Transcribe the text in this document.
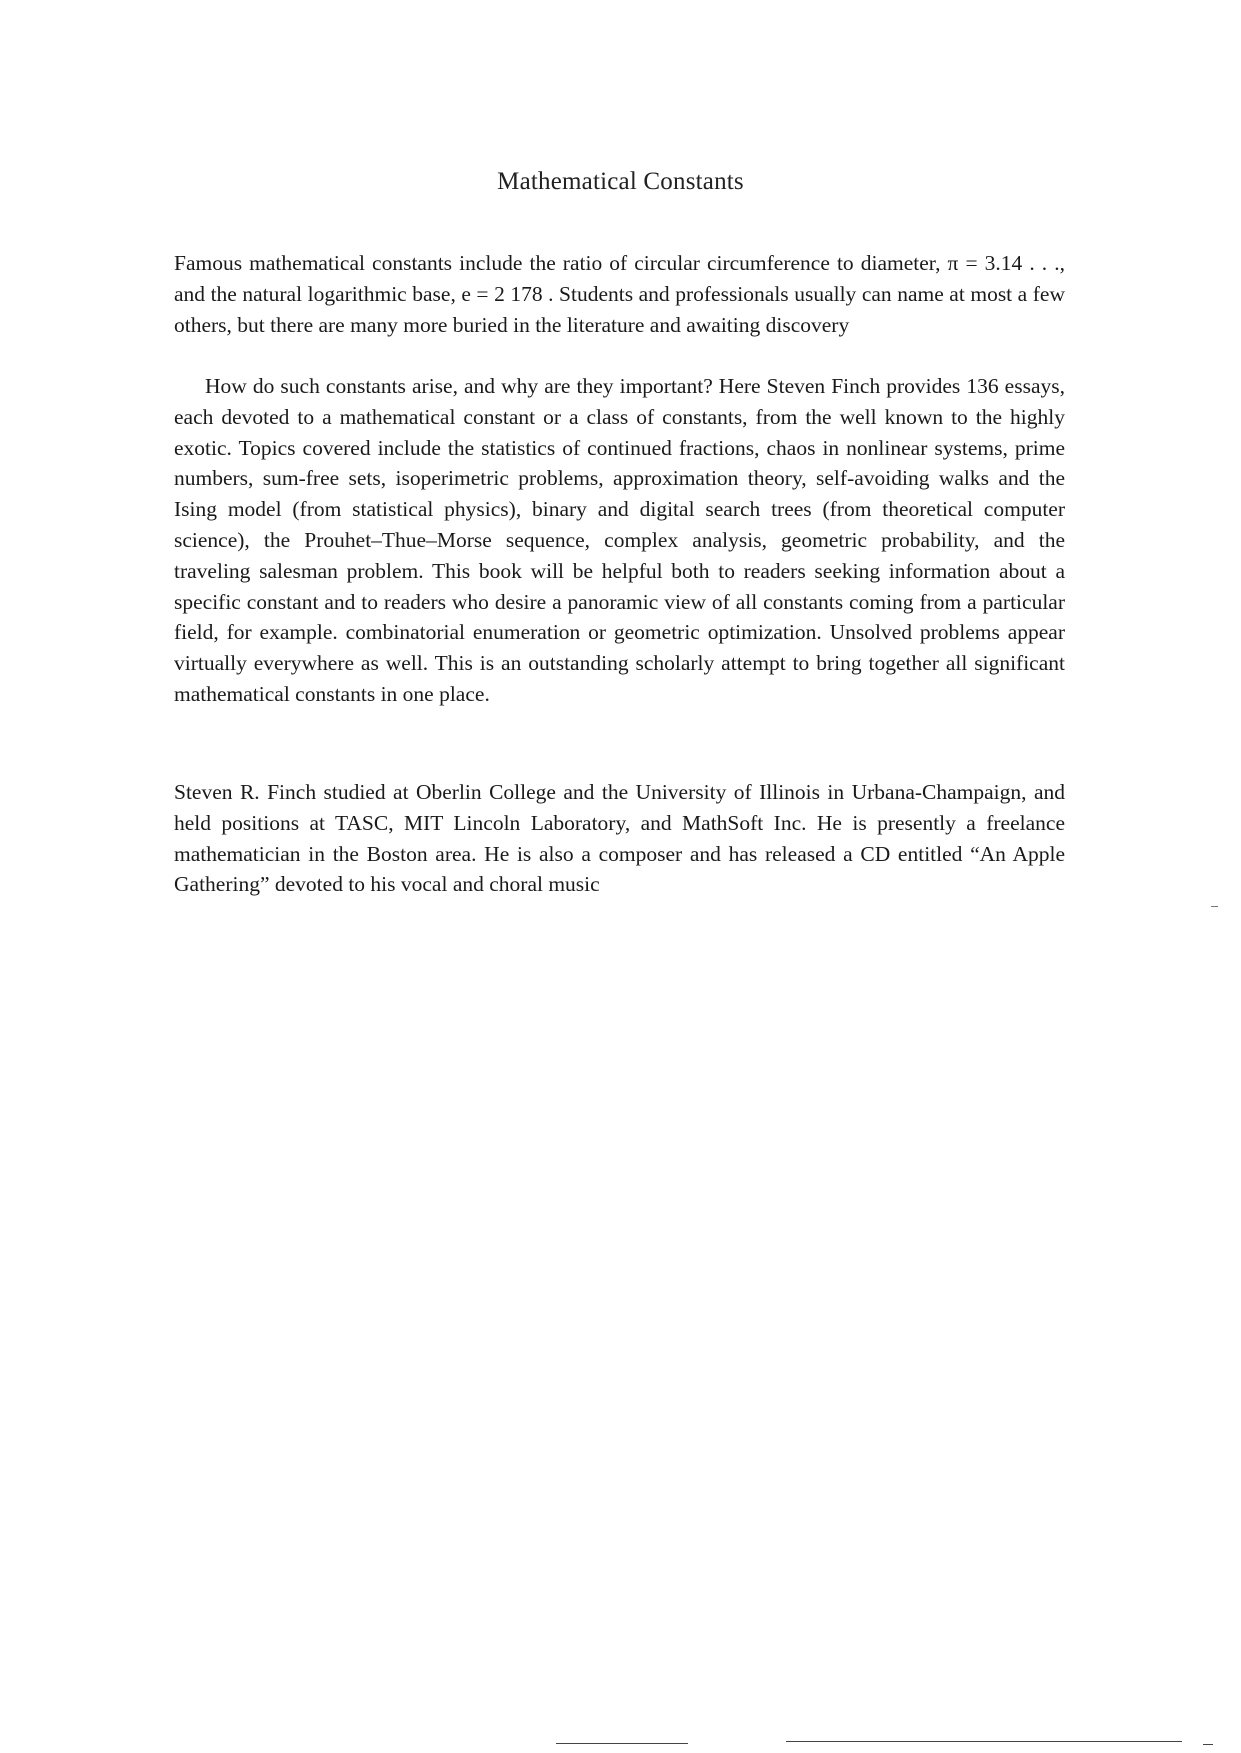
Mathematical Constants

Famous mathematical constants include the ratio of circular circumference to diameter, π = 3.14 . . ., and the natural logarithmic base, e = 2 178 . Students and professionals usually can name at most a few others, but there are many more buried in the literature and awaiting discovery

How do such constants arise, and why are they important? Here Steven Finch provides 136 essays, each devoted to a mathematical constant or a class of constants, from the well known to the highly exotic. Topics covered include the statistics of continued fractions, chaos in nonlinear systems, prime numbers, sum-free sets, isoperimetric problems, approximation theory, self-avoiding walks and the Ising model (from statistical physics), binary and digital search trees (from theoretical computer science), the Prouhet–Thue–Morse sequence, complex analysis, geometric probability, and the traveling salesman problem. This book will be helpful both to readers seeking information about a specific constant and to readers who desire a panoramic view of all constants coming from a particular field, for example. combinatorial enumeration or geometric optimization. Unsolved problems appear virtually everywhere as well. This is an outstanding scholarly attempt to bring together all significant mathematical constants in one place.

Steven R. Finch studied at Oberlin College and the University of Illinois in Urbana-Champaign, and held positions at TASC, MIT Lincoln Laboratory, and MathSoft Inc. He is presently a freelance mathematician in the Boston area. He is also a composer and has released a CD entitled “An Apple Gathering” devoted to his vocal and choral music
